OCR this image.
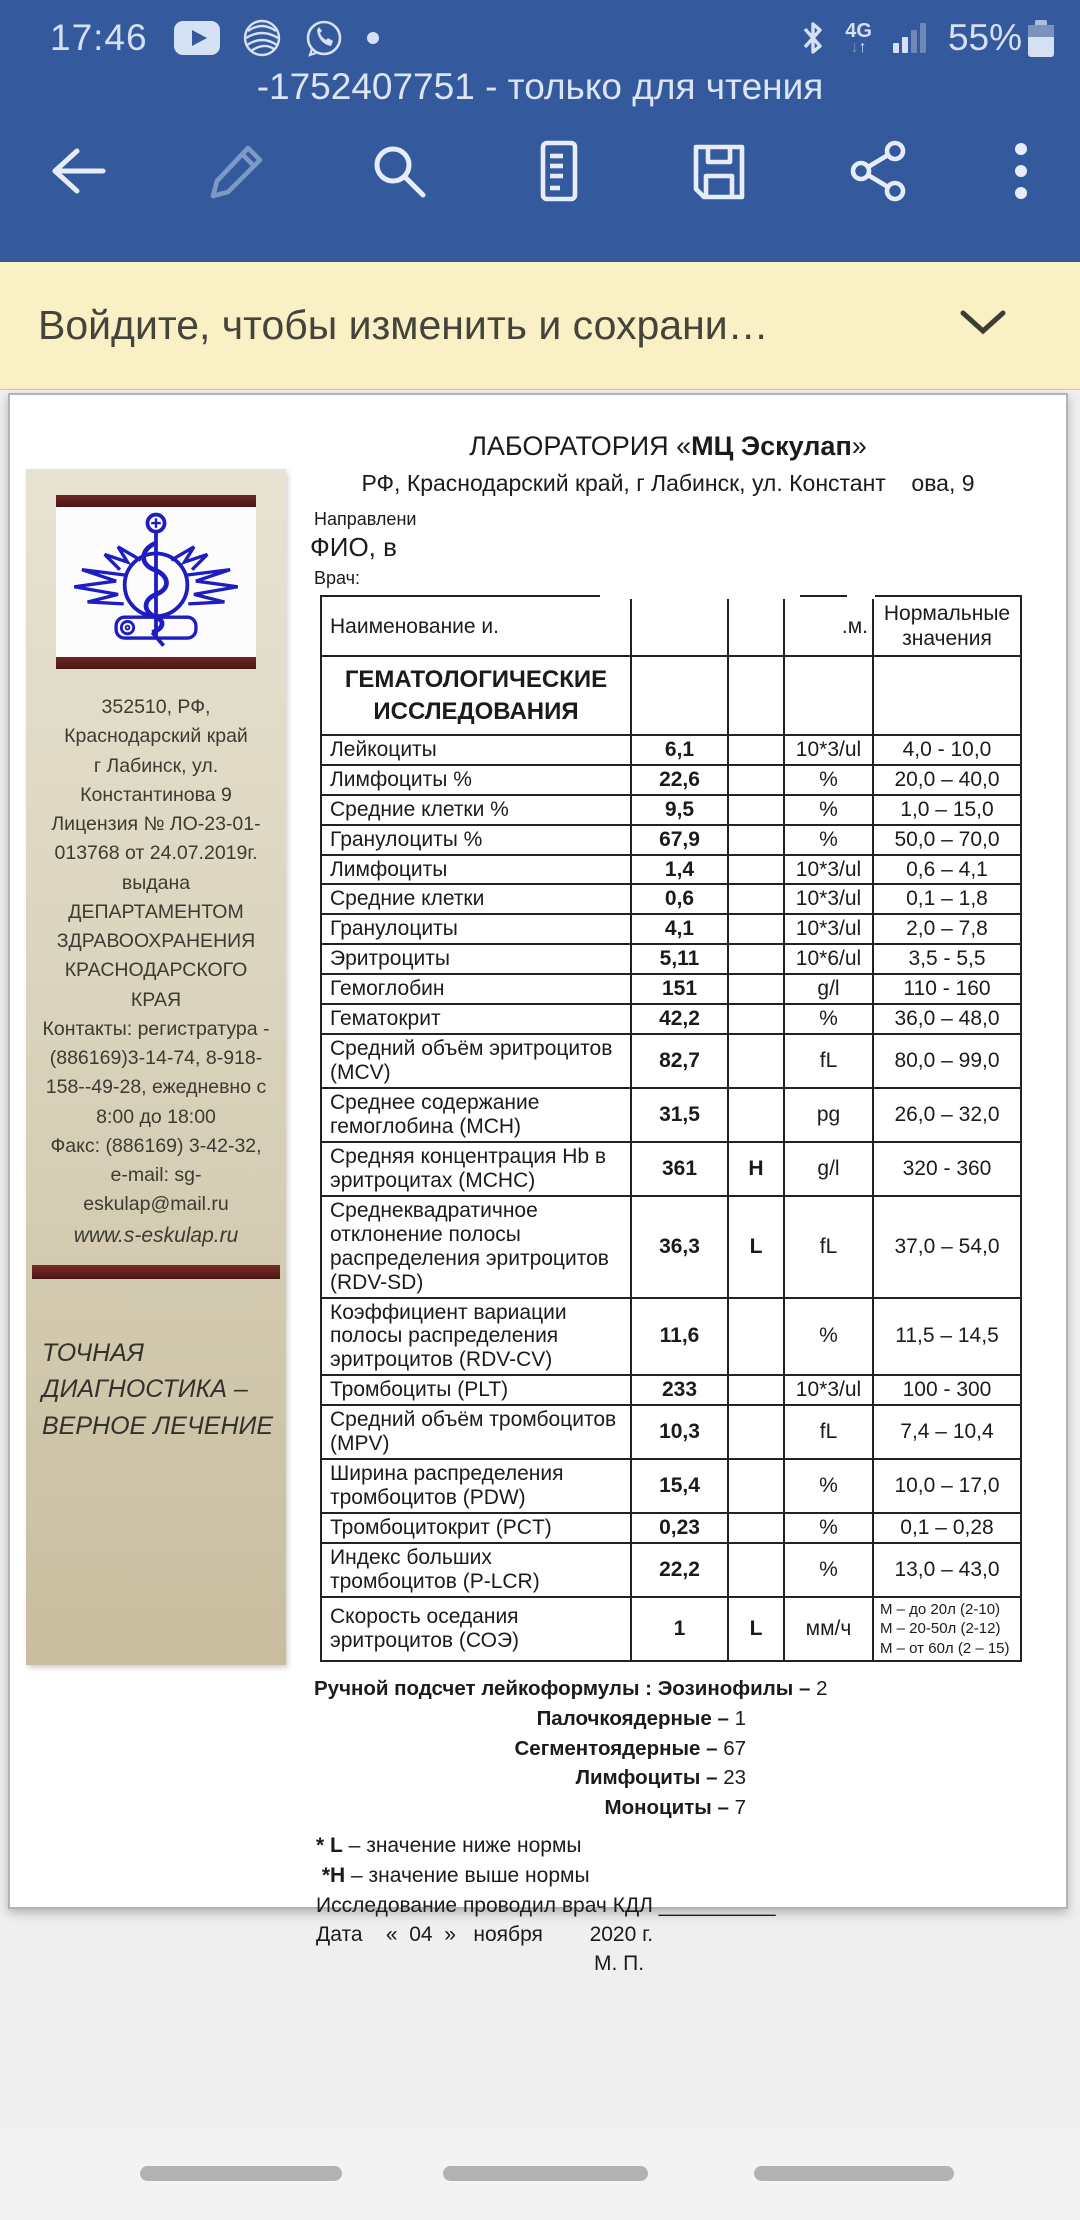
17:46	4G
↓↑ 55%
-1752407751 - только для чтения
Войдите, чтобы изменить и сохрани…

352510, РФ, Краснодарский край

г Лабинск, ул. Константинова 9

Лицензия № ЛО-23-01-

013768 от 24.07.2019г.

выдана

ДЕПАРТАМЕНТОМ

ЗДРАВООХРАНЕНИЯ

КРАСНОДАРСКОГО КРАЯ

Контакты: регистратура - (886169)3-14-74, 8-918-158--49-28, ежедневно с 8:00 до 18:00

Факс: (886169) 3-42-32,

e-mail: sg-eskulap@mail.ru

www.s-eskulap.ru

ТОЧНАЯ ДИАГНОСТИКА – ВЕРНОЕ ЛЕЧЕНИЕ
ЛАБОРАТОРИЯ «МЦ Эскулап»
РФ, Краснодарский край, г Лабинск, ул. Констант ова, 9
Направлени
ФИО, в
Врач:
Наименование и.			.м.	Нормальные значения
ГЕМАТОЛОГИЧЕСКИЕ ИССЛЕДОВАНИЯ				
Лейкоциты	6,1		10*3/ul	4,0 - 10,0
Лимфоциты %	22,6		%	20,0 – 40,0
Средние клетки %	9,5		%	1,0 – 15,0
Гранулоциты %	67,9		%	50,0 – 70,0
Лимфоциты	1,4		10*3/ul	0,6 – 4,1
Средние клетки	0,6		10*3/ul	0,1 – 1,8
Гранулоциты	4,1		10*3/ul	2,0 – 7,8
Эритроциты	5,11		10*6/ul	3,5 - 5,5
Гемоглобин	151		g/l	110 - 160
Гематокрит	42,2		%	36,0 – 48,0
Средний объём эритроцитов (MCV)	82,7		fL	80,0 – 99,0
Среднее содержание гемоглобина (MCH)	31,5		pg	26,0 – 32,0
Средняя концентрация Hb в эритроцитах (MCHC)	361	H	g/l	320 - 360
Среднеквадратичное отклонение полосы распределения эритроцитов (RDV-SD)	36,3	L	fL	37,0 – 54,0
Коэффициент вариации полосы распределения эритроцитов (RDV-CV)	11,6		%	11,5 – 14,5
Тромбоциты (PLT)	233		10*3/ul	100 - 300
Средний объём тромбоцитов (MPV)	10,3		fL	7,4 – 10,4
Ширина распределения тромбоцитов (PDW)	15,4		%	10,0 – 17,0
Тромбоцитокрит (PCT)	0,23		%	0,1 – 0,28
Индекс больших тромбоцитов (P-LCR)	22,2		%	13,0 – 43,0
Скорость оседания эритроцитов (СОЭ)	1	L	мм/ч	М – до 20л (2-10)
М – 20-50л (2-12)
М – от 60л (2 – 15)
Ручной подсчет лейкоформулы : Эозинофилы – 2
Палочкоядерные – 1
Сегментоядерные – 67
Лимфоциты – 23
Моноциты – 7
* L – значение ниже нормы
*H – значение выше нормы
Исследование проводил врач КДЛ __________
Дата    «  04  »   ноября        2020 г.
М. П.
